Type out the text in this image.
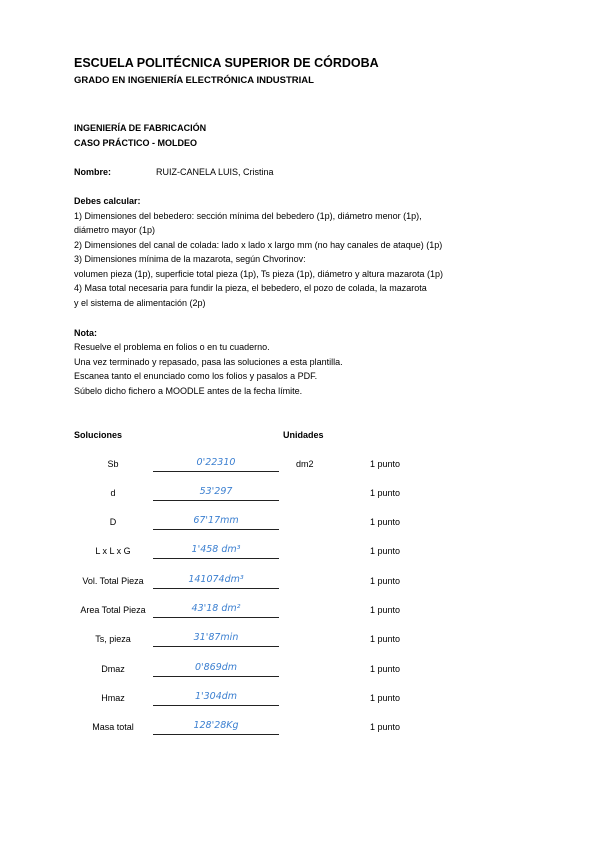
ESCUELA POLITÉCNICA SUPERIOR DE CÓRDOBA
GRADO EN INGENIERÍA ELECTRÓNICA INDUSTRIAL
INGENIERÍA DE FABRICACIÓN
CASO PRÁCTICO - MOLDEO
Nombre:	RUIZ-CANELA LUIS, Cristina
Debes calcular:
1) Dimensiones del bebedero: sección mínima del bebedero (1p), diámetro menor (1p),
diámetro mayor (1p)
2) Dimensiones del canal de colada: lado x lado x largo mm (no hay canales de ataque) (1p)
3) Dimensiones mínima de la mazarota, según Chvorinov:
volumen pieza (1p), superficie total pieza (1p), Ts pieza (1p), diámetro y altura mazarota (1p)
4) Masa total necesaria para fundir la pieza, el bebedero, el pozo de colada, la mazarota
y el sistema de alimentación (2p)
Nota:
Resuelve el problema en folios o en tu cuaderno.
Una vez terminado y repasado, pasa las soluciones a esta plantilla.
Escanea tanto el enunciado como los folios y pasalos a PDF.
Súbelo dicho fichero a MOODLE antes de la fecha límite.
Soluciones	Unidades
Sb	0'22310	dm2	1 punto
d	53'297	1 punto
D	67'17mm	1 punto
L x L x G	1'458 dm³	1 punto
Vol. Total Pieza	141074dm³	1 punto
Area Total Pieza	43'18 dm²	1 punto
Ts, pieza	31'87min	1 punto
Dmaz	0'869dm	1 punto
Hmaz	1'304dm	1 punto
Masa total	128'28Kg	1 punto
